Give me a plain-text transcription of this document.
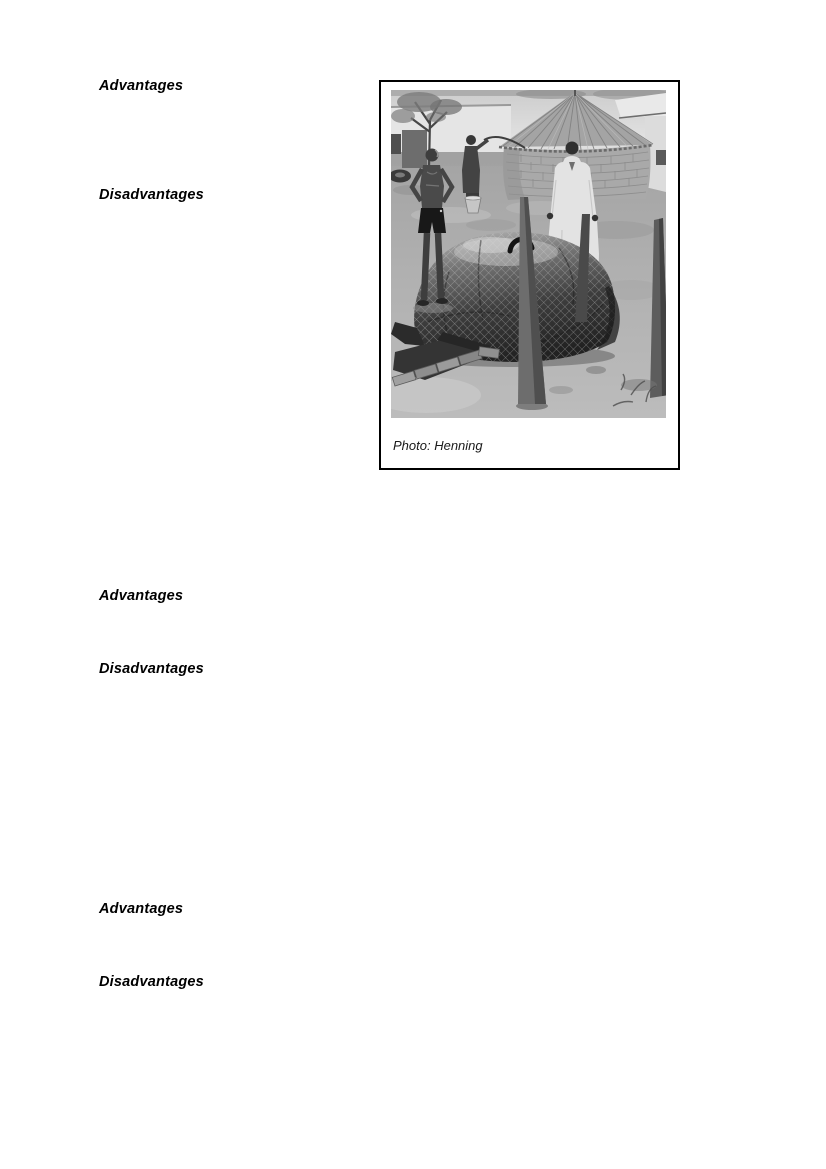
Advantages
Disadvantages
Photo: Henning
Advantages
Disadvantages
Advantages
Disadvantages
